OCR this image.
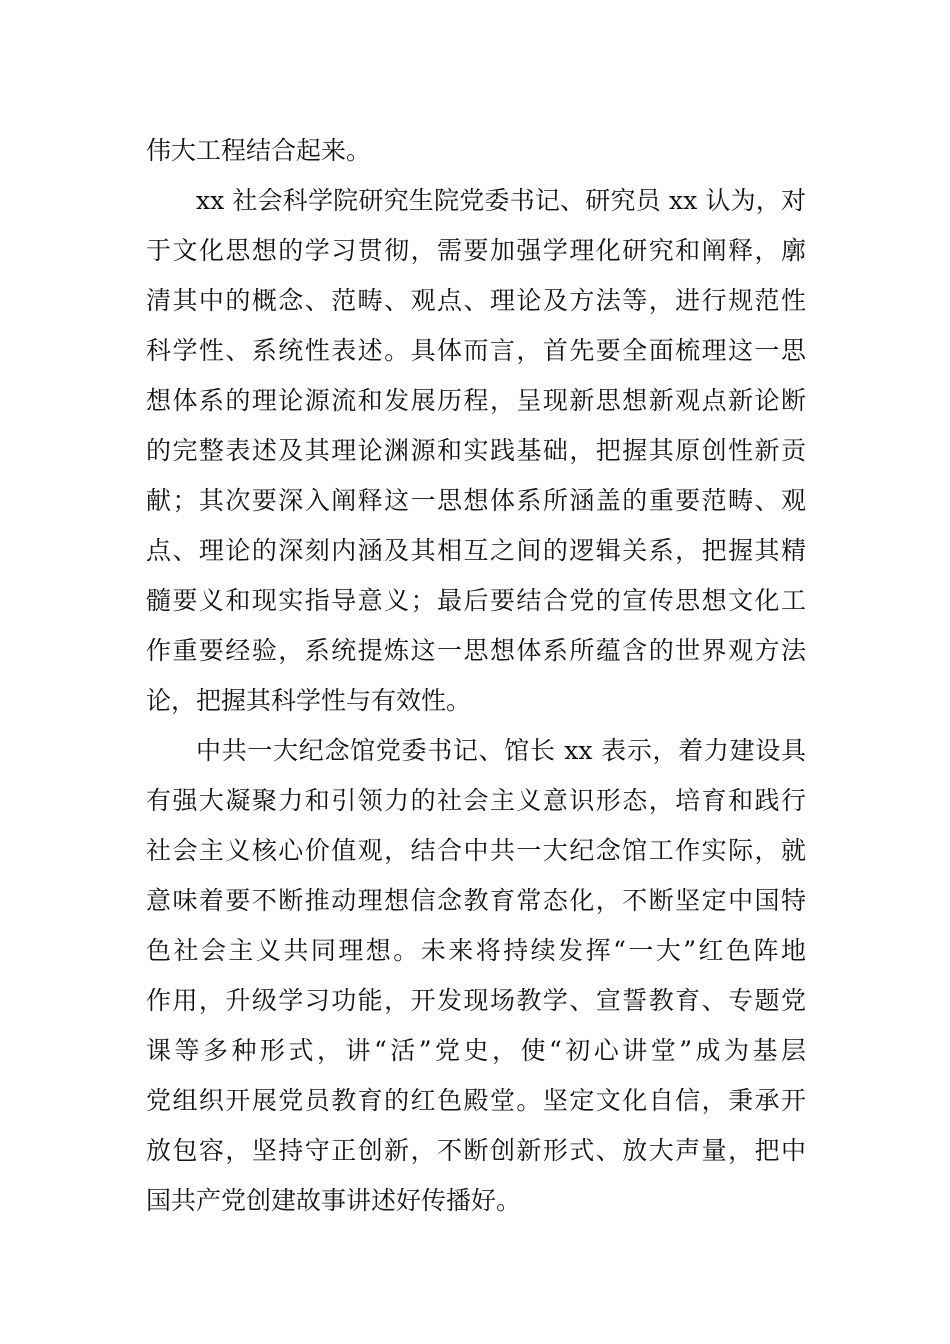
伟大工程结合起来。
xx 社会科学院研究生院党委书记、研究员 xx 认为，对
于文化思想的学习贯彻，需要加强学理化研究和阐释，廓
清其中的概念、范畴、观点、理论及方法等，进行规范性
科学性、系统性表述。具体而言，首先要全面梳理这一思
想体系的理论源流和发展历程，呈现新思想新观点新论断
的完整表述及其理论渊源和实践基础，把握其原创性新贡
献；其次要深入阐释这一思想体系所涵盖的重要范畴、观
点、理论的深刻内涵及其相互之间的逻辑关系，把握其精
髓要义和现实指导意义；最后要结合党的宣传思想文化工
作重要经验，系统提炼这一思想体系所蕴含的世界观方法
论，把握其科学性与有效性。
中共一大纪念馆党委书记、馆长 xx 表示，着力建设具
有强大凝聚力和引领力的社会主义意识形态，培育和践行
社会主义核心价值观，结合中共一大纪念馆工作实际，就
意味着要不断推动理想信念教育常态化，不断坚定中国特
色社会主义共同理想。未来将持续发挥“一大”红色阵地
作用，升级学习功能，开发现场教学、宣誓教育、专题党
课等多种形式，讲“活”党史，使“初心讲堂”成为基层
党组织开展党员教育的红色殿堂。坚定文化自信，秉承开
放包容，坚持守正创新，不断创新形式、放大声量，把中
国共产党创建故事讲述好传播好。
